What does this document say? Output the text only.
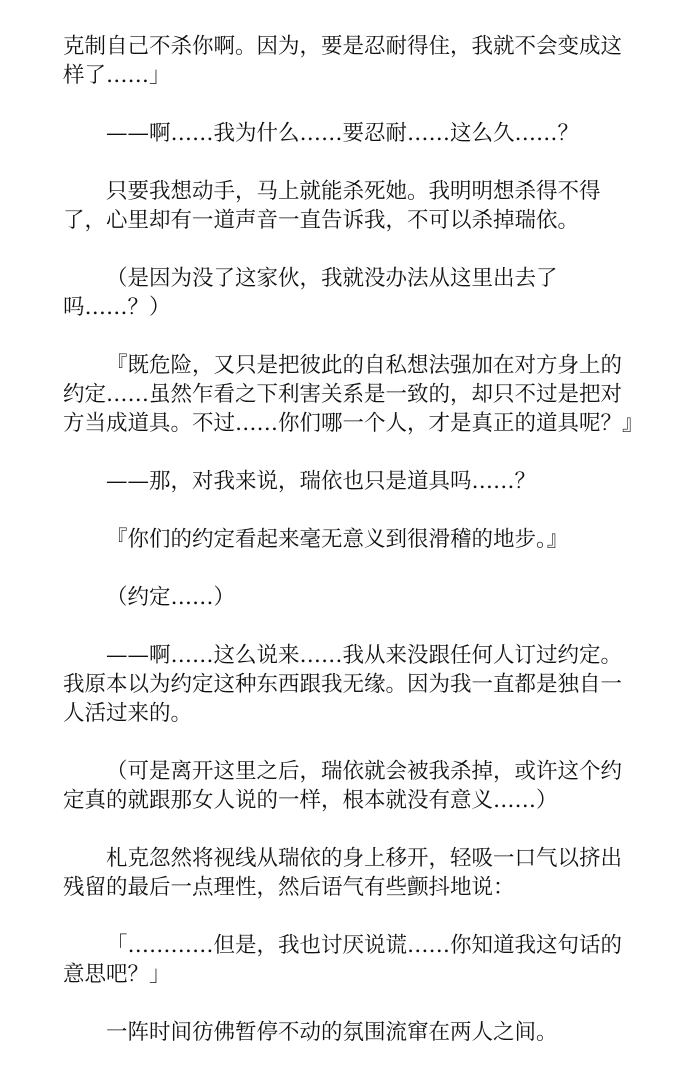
克制自己不杀你啊。因为，要是忍耐得住，我就不会变成这样了……」

——啊……我为什么……要忍耐……这么久……？

只要我想动手，马上就能杀死她。我明明想杀得不得了，心里却有一道声音一直告诉我，不可以杀掉瑞依。

（是因为没了这家伙，我就没办法从这里出去了吗……？）

『既危险，又只是把彼此的自私想法强加在对方身上的约定……虽然乍看之下利害关系是一致的，却只不过是把对方当成道具。不过……你们哪一个人，才是真正的道具呢？』

——那，对我来说，瑞依也只是道具吗……？

『你们的约定看起来毫无意义到很滑稽的地步。』

（约定……）

——啊……这么说来……我从来没跟任何人订过约定。我原本以为约定这种东西跟我无缘。因为我一直都是独自一人活过来的。

（可是离开这里之后，瑞依就会被我杀掉，或许这个约定真的就跟那女人说的一样，根本就没有意义……）

札克忽然将视线从瑞依的身上移开，轻吸一口气以挤出残留的最后一点理性，然后语气有些颤抖地说：

「…………但是，我也讨厌说谎……你知道我这句话的意思吧？」

一阵时间彷佛暂停不动的氛围流窜在两人之间。
